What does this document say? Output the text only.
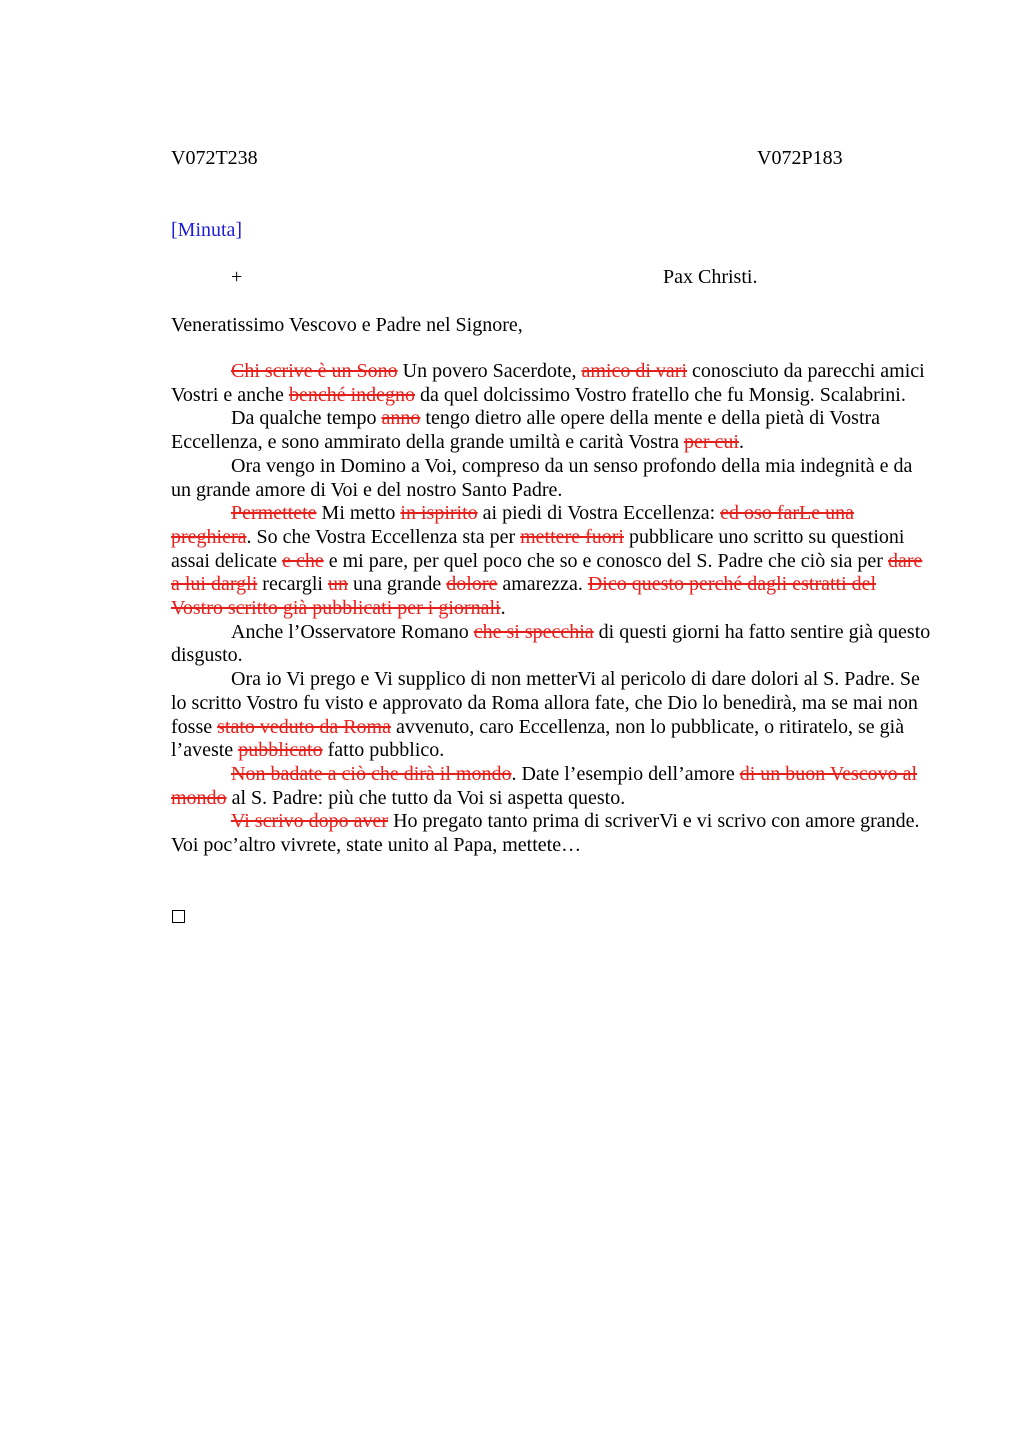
V072T238	V072P183
[Minuta]
+	Pax Christi.
Veneratissimo Vescovo e Padre nel Signore,

Chi scrive è un Sono Un povero Sacerdote, amico di vari conosciuto da parecchi amici Vostri e anche benché indegno da quel dolcissimo Vostro fratello che fu Monsig. Scalabrini.

Da qualche tempo anno tengo dietro alle opere della mente e della pietà di Vostra Eccellenza, e sono ammirato della grande umiltà e carità Vostra per cui.

Ora vengo in Domino a Voi, compreso da un senso profondo della mia indegnità e da un grande amore di Voi e del nostro Santo Padre.

Permettete Mi metto in ispirito ai piedi di Vostra Eccellenza: ed oso farLe una preghiera. So che Vostra Eccellenza sta per mettere fuori pubblicare uno scritto su questioni assai delicate e che e mi pare, per quel poco che so e conosco del S. Padre che ciò sia per dare a lui dargli recargli un una grande dolore amarezza. Dico questo perché dagli estratti del Vostro scritto già pubblicati per i giornali.

Anche l’Osservatore Romano che si specchia di questi giorni ha fatto sentire già questo disgusto.

Ora io Vi prego e Vi supplico di non metterVi al pericolo di dare dolori al S. Padre. Se lo scritto Vostro fu visto e approvato da Roma allora fate, che Dio lo benedirà, ma se mai non fosse stato veduto da Roma avvenuto, caro Eccellenza, non lo pubblicate, o ritiratelo, se già l’aveste pubblicato fatto pubblico.

Non badate a ciò che dirà il mondo. Date l’esempio dell’amore di un buon Vescovo al mondo al S. Padre: più che tutto da Voi si aspetta questo.

Vi scrivo dopo aver Ho pregato tanto prima di scriverVi e vi scrivo con amore grande. Voi poc’altro vivrete, state unito al Papa, mettete…
